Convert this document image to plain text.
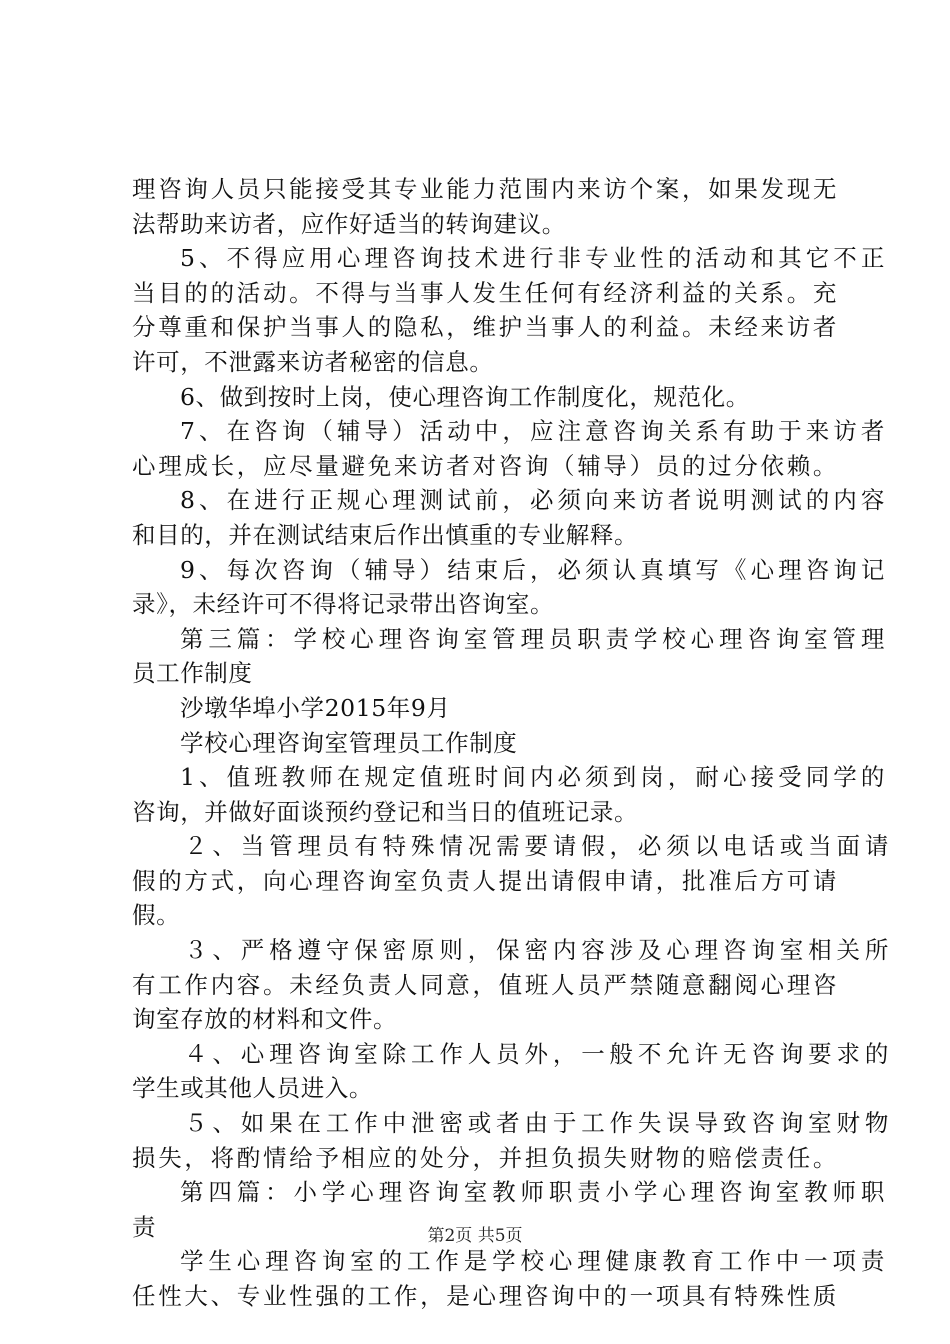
理咨询人员只能接受其专业能力范围内来访个案，如果发现无
法帮助来访者，应作好适当的转询建议。
5、不得应用心理咨询技术进行非专业性的活动和其它不正
当目的的活动。不得与当事人发生任何有经济利益的关系。充
分尊重和保护当事人的隐私，维护当事人的利益。未经来访者
许可，不泄露来访者秘密的信息。
6、做到按时上岗，使心理咨询工作制度化，规范化。
7、在咨询（辅导）活动中，应注意咨询关系有助于来访者
心理成长，应尽量避免来访者对咨询（辅导）员的过分依赖。
8、在进行正规心理测试前，必须向来访者说明测试的内容
和目的，并在测试结束后作出慎重的专业解释。
9、每次咨询（辅导）结束后，必须认真填写《心理咨询记
录》，未经许可不得将记录带出咨询室。
第三篇：学校心理咨询室管理员职责学校心理咨询室管理
员工作制度
沙墩华埠小学2015年9月
学校心理咨询室管理员工作制度
1、值班教师在规定值班时间内必须到岗，耐心接受同学的
咨询，并做好面谈预约登记和当日的值班记录。
２、当管理员有特殊情况需要请假，必须以电话或当面请
假的方式，向心理咨询室负责人提出请假申请，批准后方可请
假。
３、严格遵守保密原则，保密内容涉及心理咨询室相关所
有工作内容。未经负责人同意，值班人员严禁随意翻阅心理咨
询室存放的材料和文件。
４、心理咨询室除工作人员外，一般不允许无咨询要求的
学生或其他人员进入。
５、如果在工作中泄密或者由于工作失误导致咨询室财物
损失，将酌情给予相应的处分，并担负损失财物的赔偿责任。
第四篇：小学心理咨询室教师职责小学心理咨询室教师职
责
学生心理咨询室的工作是学校心理健康教育工作中一项责
任性大、专业性强的工作，是心理咨询中的一项具有特殊性质
第2页 共5页
